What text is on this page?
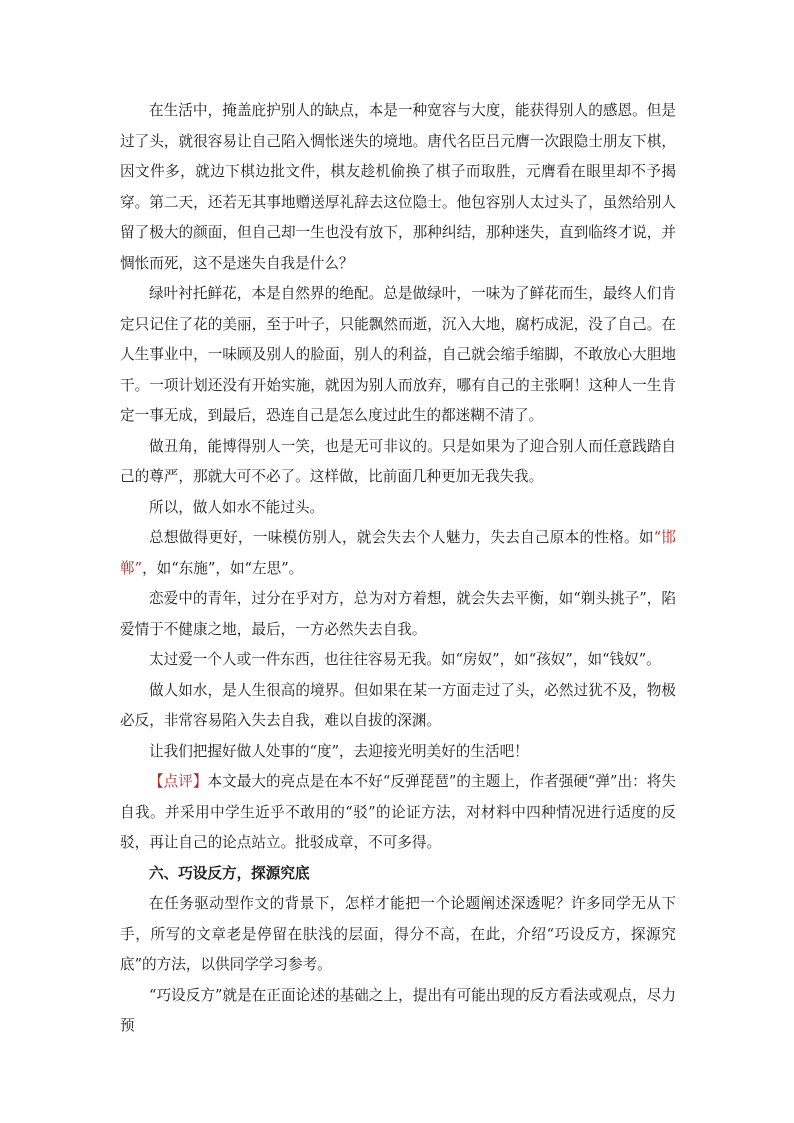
在生活中，掩盖庇护别人的缺点，本是一种宽容与大度，能获得别人的感恩。但是过了头，就很容易让自己陷入惆怅迷失的境地。唐代名臣吕元膺一次跟隐士朋友下棋，因文件多，就边下棋边批文件，棋友趁机偷换了棋子而取胜，元膺看在眼里却不予揭穿。第二天，还若无其事地赠送厚礼辞去这位隐士。他包容别人太过头了，虽然给别人留了极大的颜面，但自己却一生也没有放下，那种纠结，那种迷失，直到临终才说，并惆怅而死，这不是迷失自我是什么？

绿叶衬托鲜花，本是自然界的绝配。总是做绿叶，一味为了鲜花而生，最终人们肯定只记住了花的美丽，至于叶子，只能飘然而逝，沉入大地，腐朽成泥，没了自己。在人生事业中，一味顾及别人的脸面，别人的利益，自己就会缩手缩脚，不敢放心大胆地干。一项计划还没有开始实施，就因为别人而放弃，哪有自己的主张啊！这种人一生肯定一事无成，到最后，恐连自己是怎么度过此生的都迷糊不清了。

做丑角，能博得别人一笑，也是无可非议的。只是如果为了迎合别人而任意践踏自己的尊严，那就大可不必了。这样做，比前面几种更加无我失我。

所以，做人如水不能过头。

总想做得更好，一味模仿别人，就会失去个人魅力，失去自己原本的性格。如“邯郸”，如“东施”，如“左思”。

恋爱中的青年，过分在乎对方，总为对方着想，就会失去平衡，如“剃头挑子”，陷爱情于不健康之地，最后，一方必然失去自我。

太过爱一个人或一件东西，也往往容易无我。如“房奴”，如“孩奴”，如“钱奴”。

做人如水，是人生很高的境界。但如果在某一方面走过了头，必然过犹不及，物极必反，非常容易陷入失去自我，难以自拔的深渊。

让我们把握好做人处事的“度”，去迎接光明美好的生活吧！

【点评】本文最大的亮点是在本不好“反弹琵琶”的主题上，作者强硬“弹”出：将失自我。并采用中学生近乎不敢用的“驳”的论证方法，对材料中四种情况进行适度的反驳，再让自己的论点站立。批驳成章，不可多得。

六、巧设反方，探源究底

在任务驱动型作文的背景下，怎样才能把一个论题阐述深透呢？许多同学无从下手，所写的文章老是停留在肤浅的层面，得分不高，在此，介绍“巧设反方，探源究底”的方法，以供同学学习参考。

“巧设反方”就是在正面论述的基础之上，提出有可能出现的反方看法或观点，尽力预
